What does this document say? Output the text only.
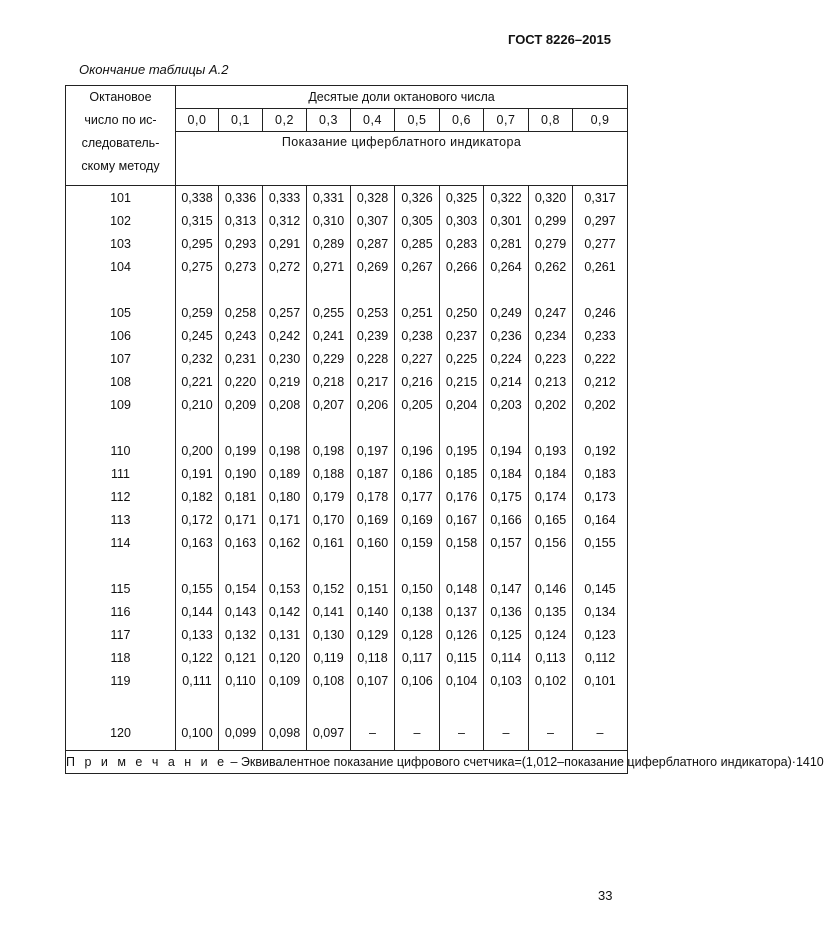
ГОСТ 8226–2015
Окончание таблицы А.2
Октановое
число по ис-
следователь-
скому методу	Десятые доли октанового числа									
	0,0	0,1	0,2	0,3	0,4	0,5	0,6	0,7	0,8	0,9
	Показание циферблатного индикатора									
101	0,338	0,336	0,333	0,331	0,328	0,326	0,325	0,322	0,320	0,317
102	0,315	0,313	0,312	0,310	0,307	0,305	0,303	0,301	0,299	0,297
103	0,295	0,293	0,291	0,289	0,287	0,285	0,283	0,281	0,279	0,277
104	0,275	0,273	0,272	0,271	0,269	0,267	0,266	0,264	0,262	0,261

105	0,259	0,258	0,257	0,255	0,253	0,251	0,250	0,249	0,247	0,246
106	0,245	0,243	0,242	0,241	0,239	0,238	0,237	0,236	0,234	0,233
107	0,232	0,231	0,230	0,229	0,228	0,227	0,225	0,224	0,223	0,222
108	0,221	0,220	0,219	0,218	0,217	0,216	0,215	0,214	0,213	0,212
109	0,210	0,209	0,208	0,207	0,206	0,205	0,204	0,203	0,202	0,202

110	0,200	0,199	0,198	0,198	0,197	0,196	0,195	0,194	0,193	0,192
111	0,191	0,190	0,189	0,188	0,187	0,186	0,185	0,184	0,184	0,183
112	0,182	0,181	0,180	0,179	0,178	0,177	0,176	0,175	0,174	0,173
113	0,172	0,171	0,171	0,170	0,169	0,169	0,167	0,166	0,165	0,164
114	0,163	0,163	0,162	0,161	0,160	0,159	0,158	0,157	0,156	0,155

115	0,155	0,154	0,153	0,152	0,151	0,150	0,148	0,147	0,146	0,145
116	0,144	0,143	0,142	0,141	0,140	0,138	0,137	0,136	0,135	0,134
117	0,133	0,132	0,131	0,130	0,129	0,128	0,126	0,125	0,124	0,123
118	0,122	0,121	0,120	0,119	0,118	0,117	0,115	0,114	0,113	0,112
119	0,111	0,110	0,109	0,108	0,107	0,106	0,104	0,103	0,102	0,101

120	0,100	0,099	0,098	0,097	–	–	–	–	–	–
П р и м е ч а н и е – Эквивалентное показание цифрового счетчика=(1,012–показание циферблатного индикатора)·1410										
33
